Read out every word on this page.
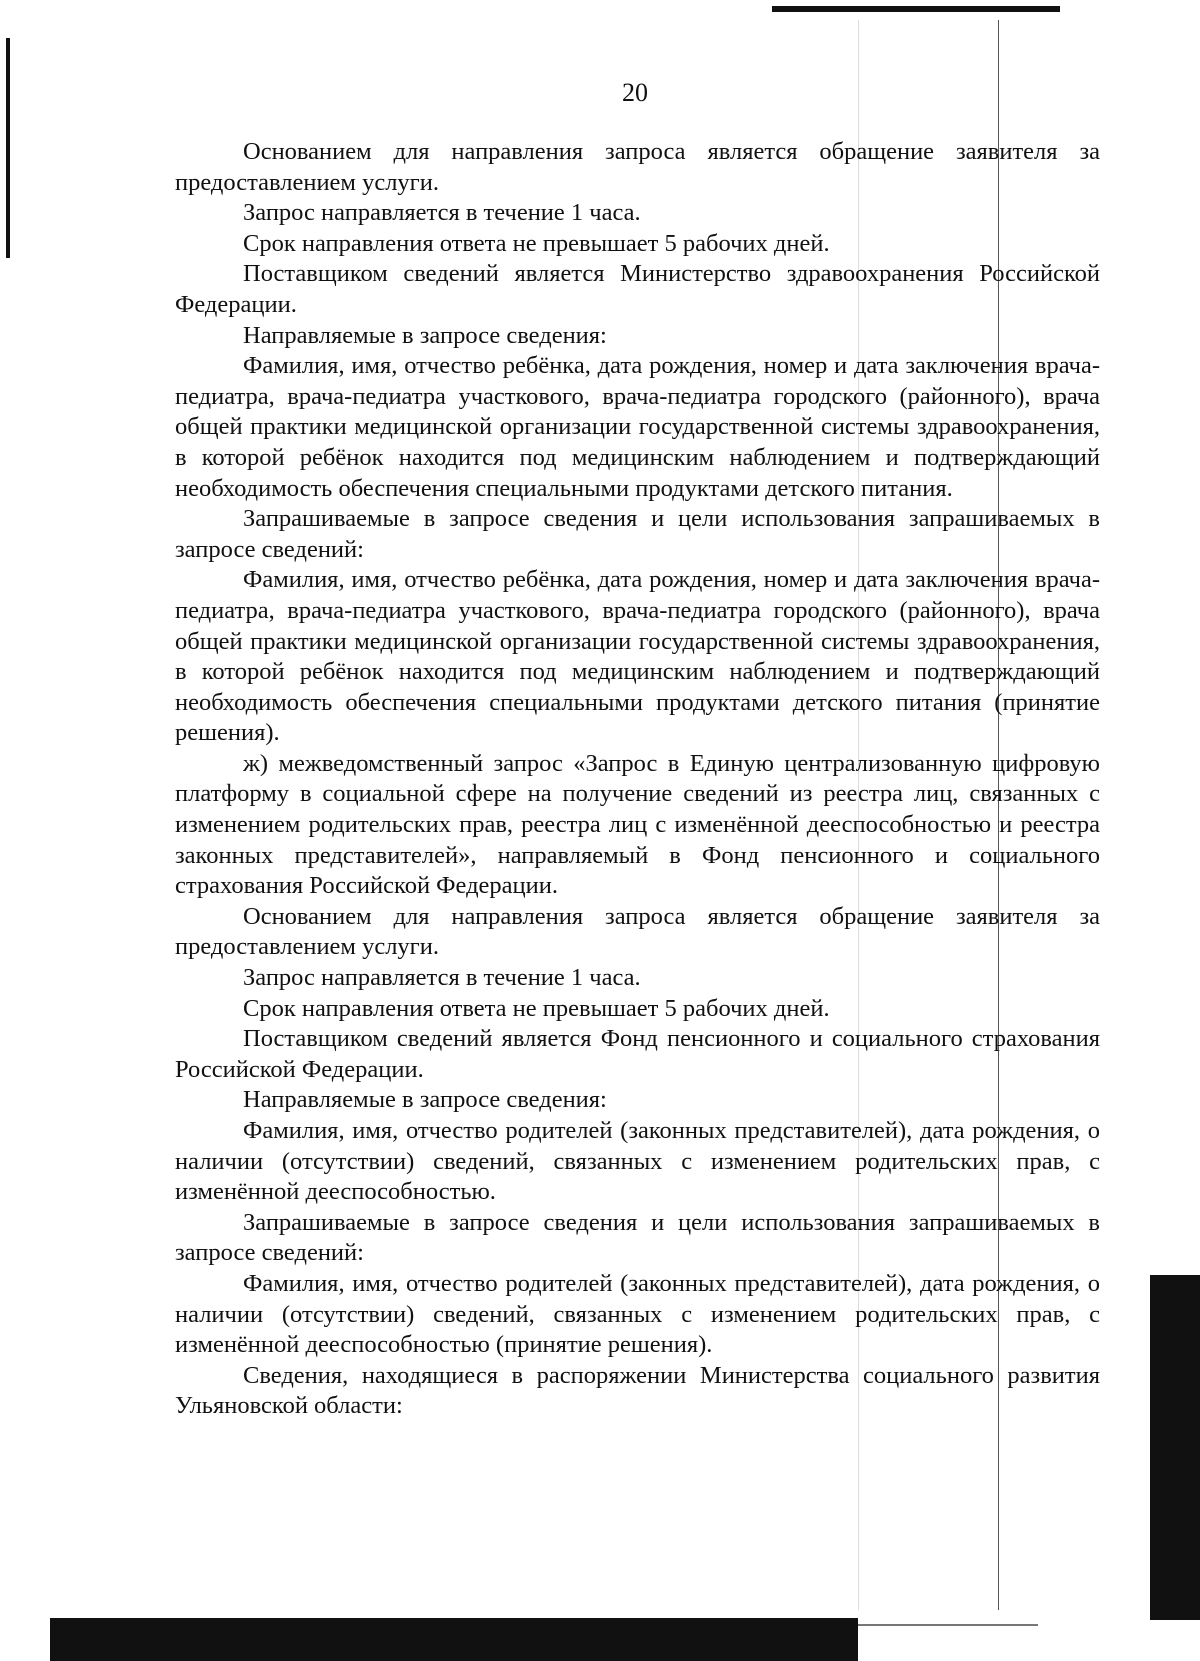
20

Основанием для направления запроса является обращение заявителя за предоставлением услуги.

Запрос направляется в течение 1 часа.

Срок направления ответа не превышает 5 рабочих дней.

Поставщиком сведений является Министерство здравоохранения Российской Федерации.

Направляемые в запросе сведения:

Фамилия, имя, отчество ребёнка, дата рождения, номер и дата заключения врача-педиатра, врача-педиатра участкового, врача-педиатра городского (районного), врача общей практики медицинской организации государственной системы здравоохранения, в которой ребёнок находится под медицинским наблюдением и подтверждающий необходимость обеспечения специальными продуктами детского питания.

Запрашиваемые в запросе сведения и цели использования запрашиваемых в запросе сведений:

Фамилия, имя, отчество ребёнка, дата рождения, номер и дата заключения врача-педиатра, врача-педиатра участкового, врача-педиатра городского (районного), врача общей практики медицинской организации государственной системы здравоохранения, в которой ребёнок находится под медицинским наблюдением и подтверждающий необходимость обеспечения специальными продуктами детского питания (принятие решения).

ж) межведомственный запрос «Запрос в Единую централизованную цифровую платформу в социальной сфере на получение сведений из реестра лиц, связанных с изменением родительских прав, реестра лиц с изменённой дееспособностью и реестра законных представителей», направляемый в Фонд пенсионного и социального страхования Российской Федерации.

Основанием для направления запроса является обращение заявителя за предоставлением услуги.

Запрос направляется в течение 1 часа.

Срок направления ответа не превышает 5 рабочих дней.

Поставщиком сведений является Фонд пенсионного и социального страхования Российской Федерации.

Направляемые в запросе сведения:

Фамилия, имя, отчество родителей (законных представителей), дата рождения, о наличии (отсутствии) сведений, связанных с изменением родительских прав, с изменённой дееспособностью.

Запрашиваемые в запросе сведения и цели использования запрашиваемых в запросе сведений:

Фамилия, имя, отчество родителей (законных представителей), дата рождения, о наличии (отсутствии) сведений, связанных с изменением родительских прав, с изменённой дееспособностью (принятие решения).

Сведения, находящиеся в распоряжении Министерства социального развития Ульяновской области:
